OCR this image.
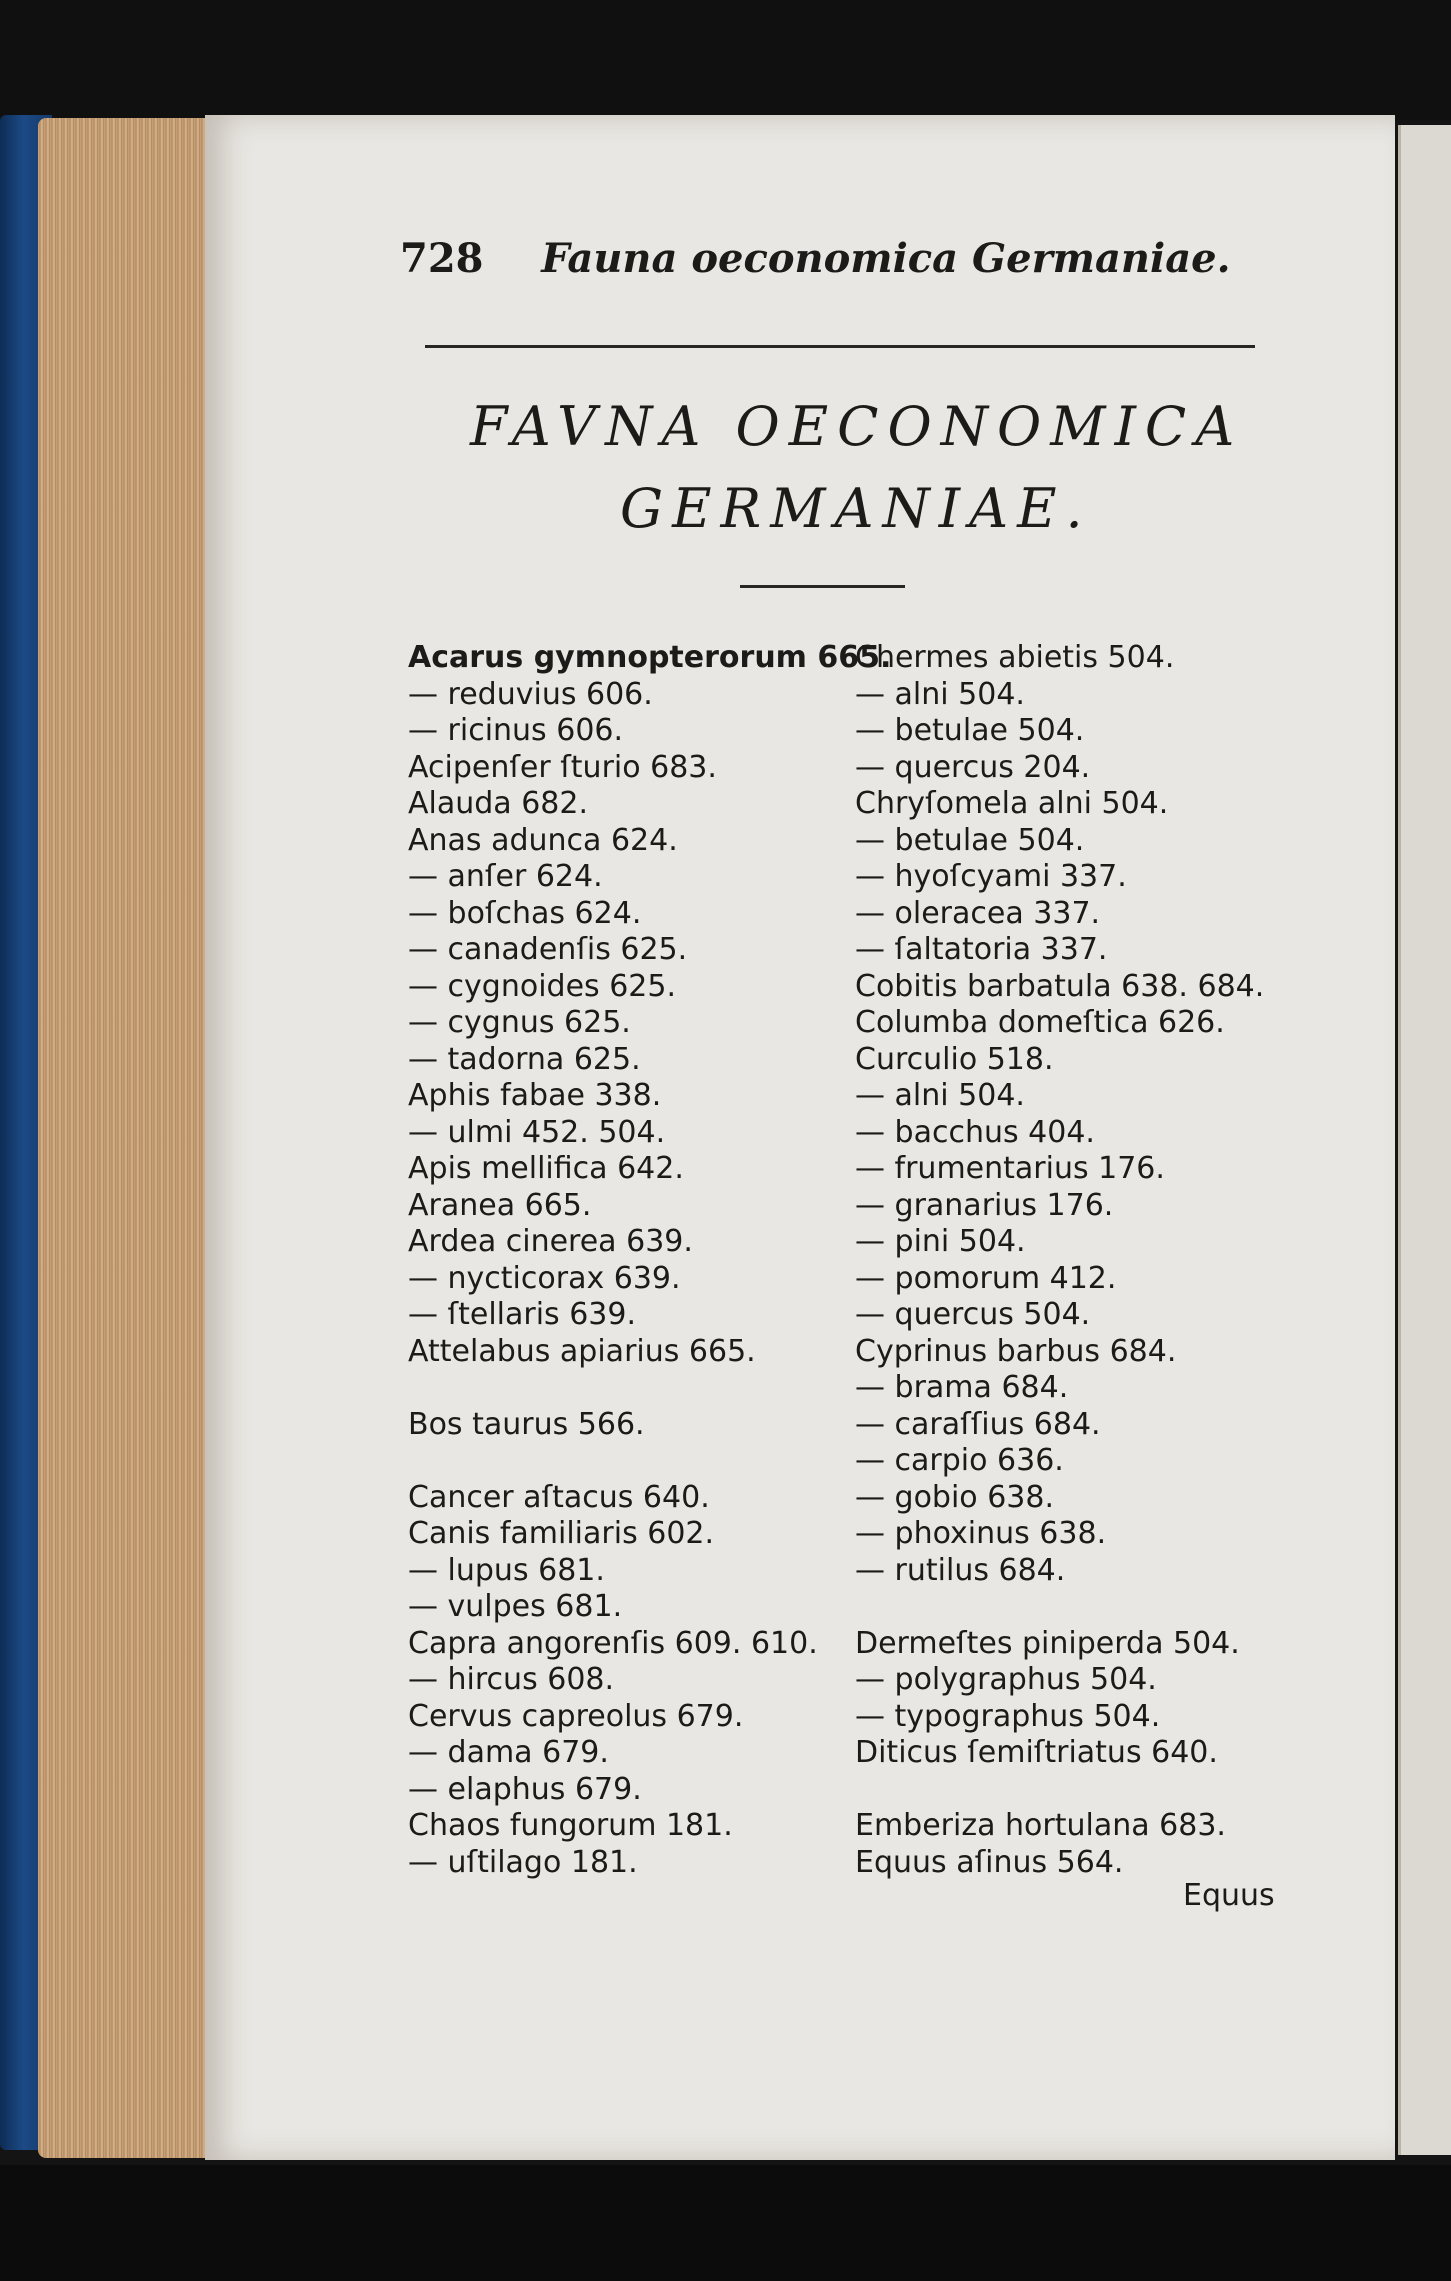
728 Fauna oeconomica Germaniae.
FAVNA OECONOMICA
GERMANIAE.
Acarus gymnopterorum 665.
— reduvius 606.
— ricinus 606.
Acipenſer ſturio 683.
Alauda 682.
Anas adunca 624.
— anſer 624.
— boſchas 624.
— canadenſis 625.
— cygnoides 625.
— cygnus 625.
— tadorna 625.
Aphis fabae 338.
— ulmi 452. 504.
Apis mellifica 642.
Aranea 665.
Ardea cinerea 639.
— nycticorax 639.
— ſtellaris 639.
Attelabus apiarius 665.
Bos taurus 566.
Cancer aſtacus 640.
Canis familiaris 602.
— lupus 681.
— vulpes 681.
Capra angorenſis 609. 610.
— hircus 608.
Cervus capreolus 679.
— dama 679.
— elaphus 679.
Chaos fungorum 181.
— uſtilago 181.
Chermes abietis 504.
— alni 504.
— betulae 504.
— quercus 204.
Chryſomela alni 504.
— betulae 504.
— hyoſcyami 337.
— oleracea 337.
— ſaltatoria 337.
Cobitis barbatula 638. 684.
Columba domeſtica 626.
Curculio 518.
— alni 504.
— bacchus 404.
— frumentarius 176.
— granarius 176.
— pini 504.
— pomorum 412.
— quercus 504.
Cyprinus barbus 684.
— brama 684.
— caraſſius 684.
— carpio 636.
— gobio 638.
— phoxinus 638.
— rutilus 684.
Dermeſtes piniperda 504.
— polygraphus 504.
— typographus 504.
Diticus ſemiſtriatus 640.
Emberiza hortulana 683.
Equus aſinus 564.
Equus
